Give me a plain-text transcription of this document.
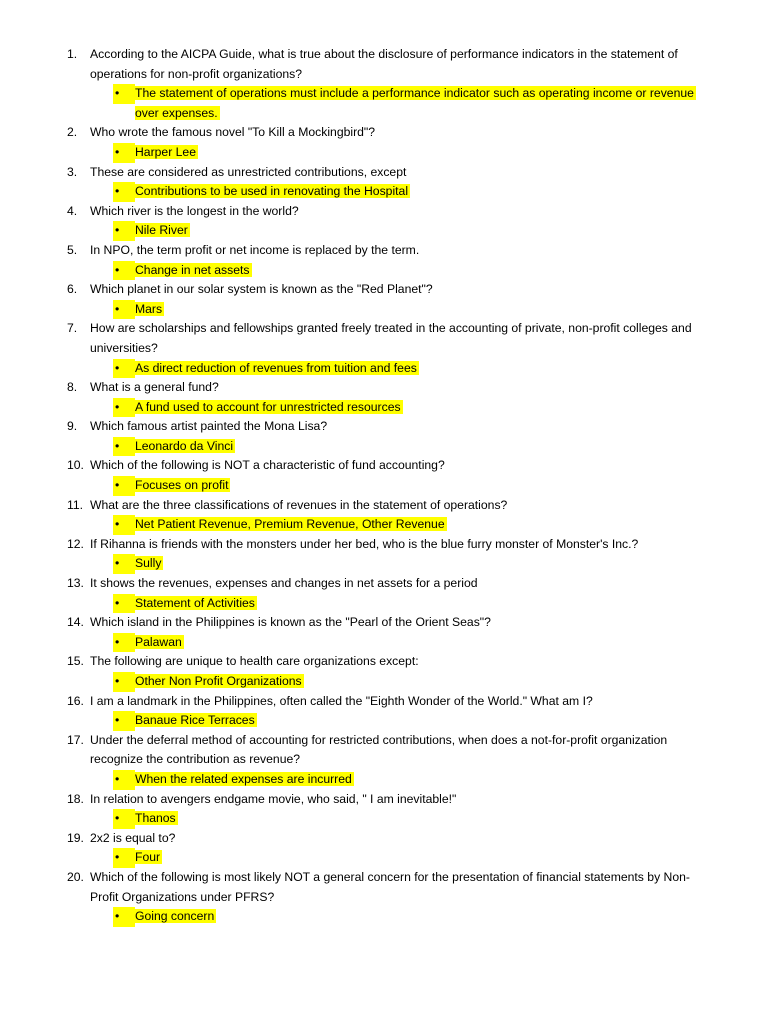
1.	According to the AICPA Guide, what is true about the disclosure of performance indicators in the statement of operations for non-profit organizations?
•	The statement of operations must include a performance indicator such as operating income or revenue over expenses.
2.	Who wrote the famous novel "To Kill a Mockingbird"?
•	Harper Lee
3.	These are considered as unrestricted contributions, except
•	Contributions to be used in renovating the Hospital
4.	Which river is the longest in the world?
•	Nile River
5.	In NPO, the term profit or net income is replaced by the term.
•	Change in net assets
6.	Which planet in our solar system is known as the "Red Planet"?
•	Mars
7.	How are scholarships and fellowships granted freely treated in the accounting of private, non-profit colleges and universities?
•	As direct reduction of revenues from tuition and fees
8.	What is a general fund?
•	A fund used to account for unrestricted resources
9.	Which famous artist painted the Mona Lisa?
•	Leonardo da Vinci
10. Which of the following is NOT a characteristic of fund accounting?
•	Focuses on profit
11. What are the three classifications of revenues in the statement of operations?
•	Net Patient Revenue, Premium Revenue, Other Revenue
12. If Rihanna is friends with the monsters under her bed, who is the blue furry monster of Monster's Inc.?
•	Sully
13. It shows the revenues, expenses and changes in net assets for a period
•	Statement of Activities
14. Which island in the Philippines is known as the "Pearl of the Orient Seas"?
•	Palawan
15. The following are unique to health care organizations except:
•	Other Non Profit Organizations
16. I am a landmark in the Philippines, often called the "Eighth Wonder of the World." What am I?
•	Banaue Rice Terraces
17. Under the deferral method of accounting for restricted contributions, when does a not-for-profit organization recognize the contribution as revenue?
•	When the related expenses are incurred
18. In relation to avengers endgame movie, who said, " I am inevitable!"
•	Thanos
19. 2x2 is equal to?
•	Four
20. Which of the following is most likely NOT a general concern for the presentation of financial statements by Non-Profit Organizations under PFRS?
•	Going concern
